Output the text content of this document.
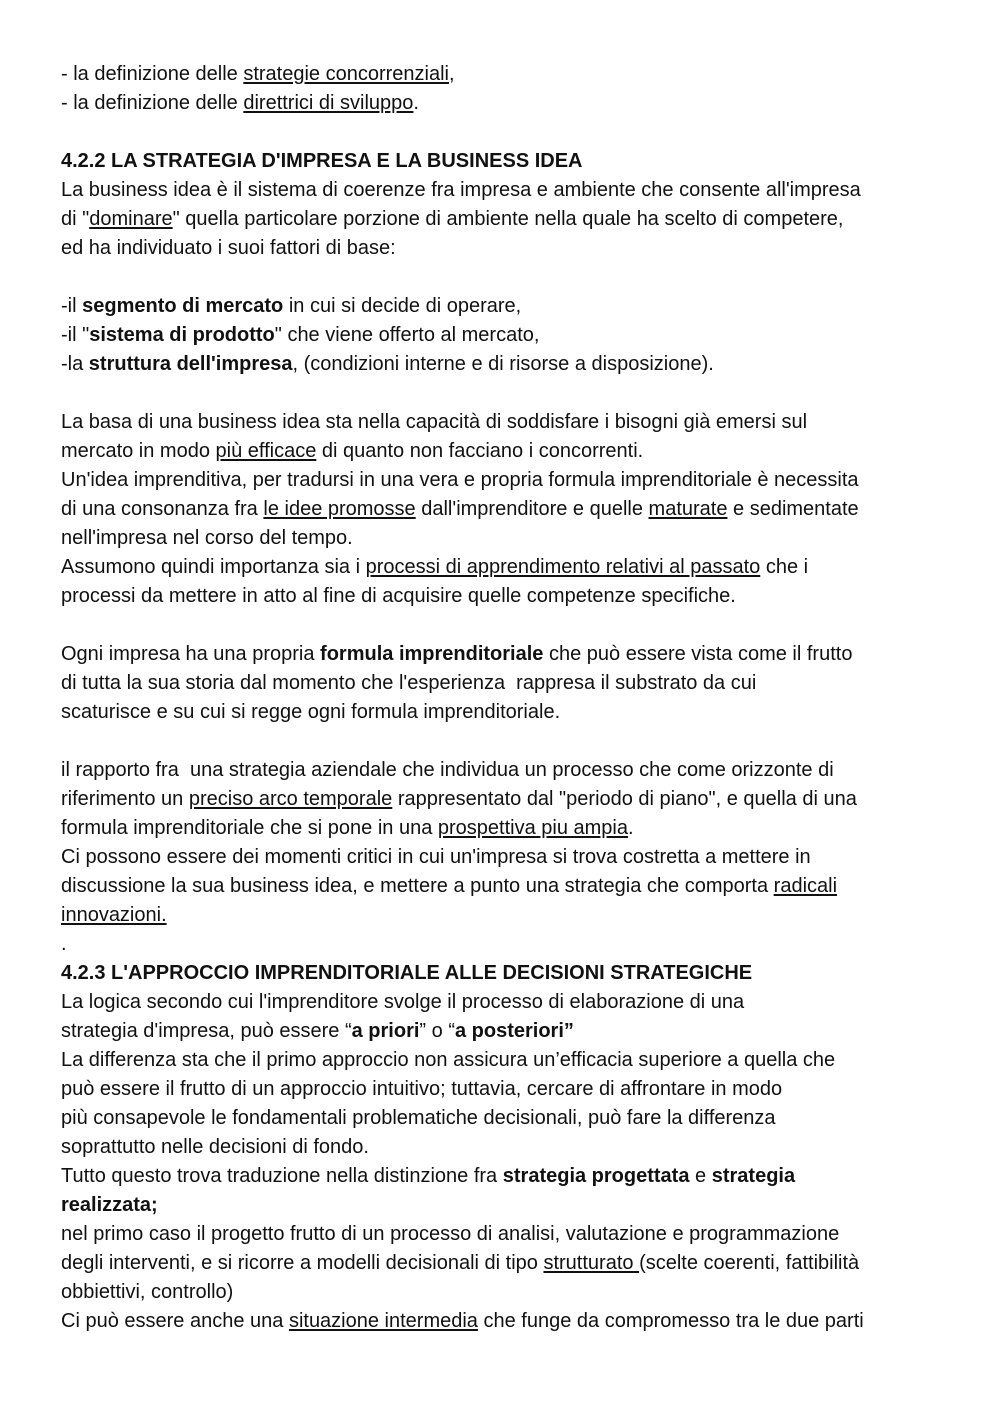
- la definizione delle strategie concorrenziali,
- la definizione delle direttrici di sviluppo.
4.2.2 LA STRATEGIA D'IMPRESA E LA BUSINESS IDEA
La business idea è il sistema di coerenze fra impresa e ambiente che consente all'impresa
di "dominare" quella particolare porzione di ambiente nella quale ha scelto di competere,
ed ha individuato i suoi fattori di base:
-il segmento di mercato in cui si decide di operare,
-il "sistema di prodotto" che viene offerto al mercato,
-la struttura dell'impresa, (condizioni interne e di risorse a disposizione).
La basa di una business idea sta nella capacità di soddisfare i bisogni già emersi sul
mercato in modo più efficace di quanto non facciano i concorrenti.
Un'idea imprenditiva, per tradursi in una vera e propria formula imprenditoriale è necessita
di una consonanza fra le idee promosse dall'imprenditore e quelle maturate e sedimentate
nell'impresa nel corso del tempo.
Assumono quindi importanza sia i processi di apprendimento relativi al passato che i
processi da mettere in atto al fine di acquisire quelle competenze specifiche.
Ogni impresa ha una propria formula imprenditoriale che può essere vista come il frutto
di tutta la sua storia dal momento che l'esperienza  rappresa il substrato da cui
scaturisce e su cui si regge ogni formula imprenditoriale.
il rapporto fra  una strategia aziendale che individua un processo che come orizzonte di
riferimento un preciso arco temporale rappresentato dal "periodo di piano", e quella di una
formula imprenditoriale che si pone in una prospettiva piu ampia.
Ci possono essere dei momenti critici in cui un'impresa si trova costretta a mettere in
discussione la sua business idea, e mettere a punto una strategia che comporta radicali
innovazioni.
.
4.2.3 L'APPROCCIO IMPRENDITORIALE ALLE DECISIONI STRATEGICHE
La logica secondo cui l'imprenditore svolge il processo di elaborazione di una
strategia d'impresa, può essere “a priori” o “a posteriori”
La differenza sta che il primo approccio non assicura un’efficacia superiore a quella che
può essere il frutto di un approccio intuitivo; tuttavia, cercare di affrontare in modo
più consapevole le fondamentali problematiche decisionali, può fare la differenza
soprattutto nelle decisioni di fondo.
Tutto questo trova traduzione nella distinzione fra strategia progettata e strategia
realizzata;
nel primo caso il progetto frutto di un processo di analisi, valutazione e programmazione
degli interventi, e si ricorre a modelli decisionali di tipo strutturato (scelte coerenti, fattibilità
obbiettivi, controllo)
Ci può essere anche una situazione intermedia che funge da compromesso tra le due parti
